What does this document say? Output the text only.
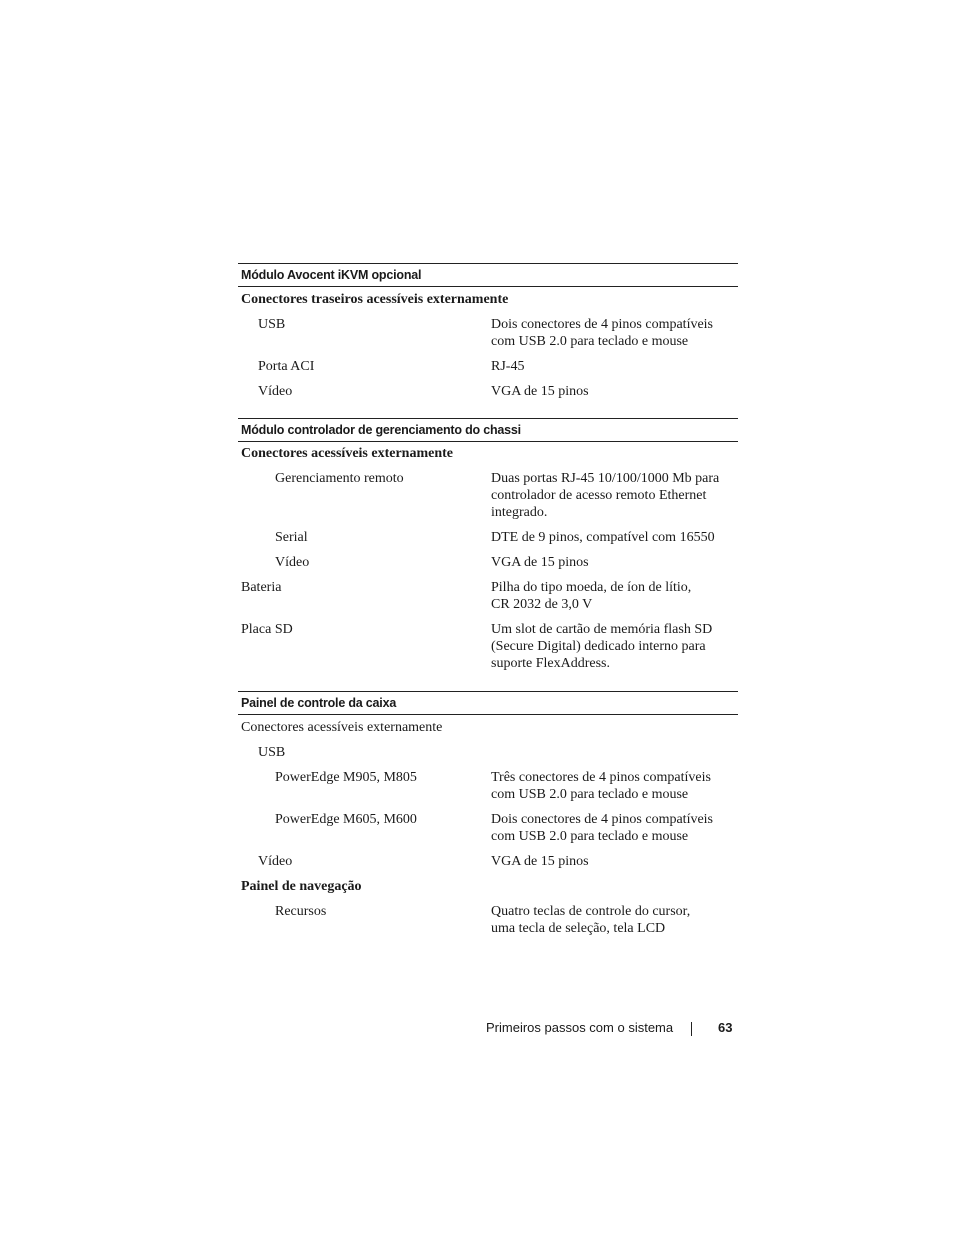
Módulo Avocent iKVM opcional
Conectores traseiros acessíveis externamente
USB	Dois conectores de 4 pinos compatíveis
com USB 2.0 para teclado e mouse
Porta ACI	RJ-45
Vídeo	VGA de 15 pinos
Módulo controlador de gerenciamento do chassi
Conectores acessíveis externamente
Gerenciamento remoto	Duas portas RJ-45 10/100/1000 Mb para
controlador de acesso remoto Ethernet
integrado.
Serial	DTE de 9 pinos, compatível com 16550
Vídeo	VGA de 15 pinos
Bateria	Pilha do tipo moeda, de íon de lítio,
CR 2032 de 3,0 V
Placa SD	Um slot de cartão de memória flash SD
(Secure Digital) dedicado interno para
suporte FlexAddress.
Painel de controle da caixa
Conectores acessíveis externamente
USB
PowerEdge M905, M805	Três conectores de 4 pinos compatíveis
com USB 2.0 para teclado e mouse
PowerEdge M605, M600	Dois conectores de 4 pinos compatíveis
com USB 2.0 para teclado e mouse
Vídeo	VGA de 15 pinos
Painel de navegação
Recursos	Quatro teclas de controle do cursor,
uma tecla de seleção, tela LCD
Primeiros passos com o sistema	63
